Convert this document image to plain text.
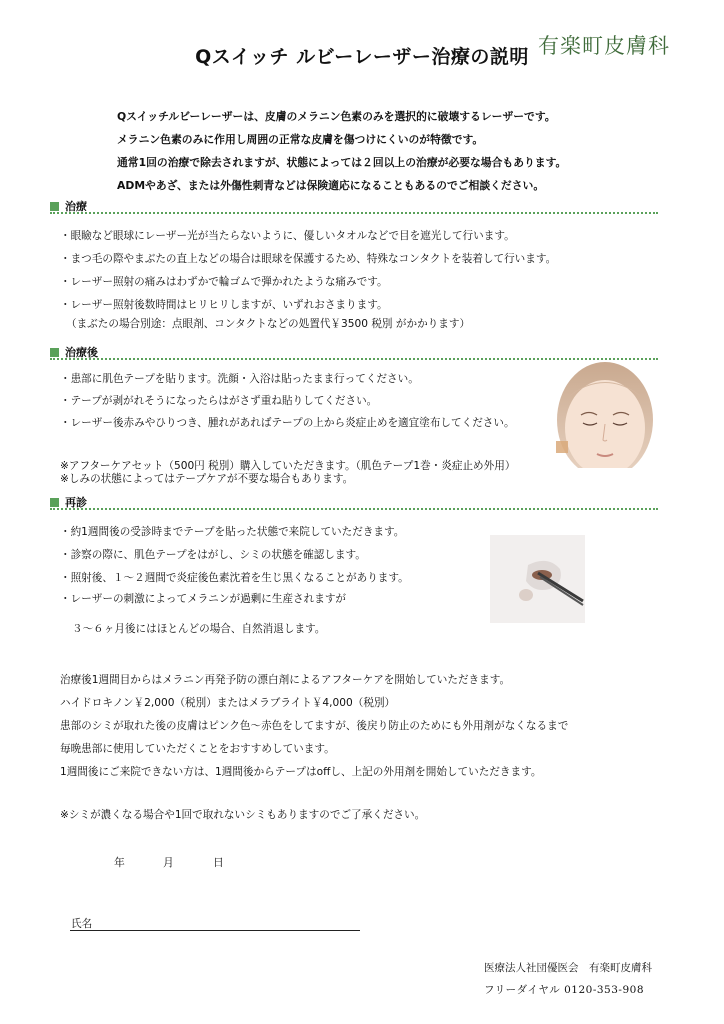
有楽町皮膚科
Qスイッチ ルビーレーザー治療の説明
Qスイッチルビーレーザーは、皮膚のメラニン色素のみを選択的に破壊するレーザーです。
メラニン色素のみに作用し周囲の正常な皮膚を傷つけにくいのが特徴です。
通常1回の治療で除去されますが、状態によっては２回以上の治療が必要な場合もあります。
ADMやあざ、または外傷性刺青などは保険適応になることもあるのでご相談ください。
治療
・眼瞼など眼球にレーザー光が当たらないように、優しいタオルなどで目を遮光して行います。
・まつ毛の際やまぶたの直上などの場合は眼球を保護するため、特殊なコンタクトを装着して行います。
・レーザー照射の痛みはわずかで輪ゴムで弾かれたような痛みです。
・レーザー照射後数時間はヒリヒリしますが、いずれおさまります。
（まぶたの場合別途：点眼剤、コンタクトなどの処置代￥3500 税別 がかかります）
治療後
・患部に肌色テープを貼ります。洗顔・入浴は貼ったまま行ってください。
・テープが剥がれそうになったらはがさず重ね貼りしてください。
・レーザー後赤みやひりつき、腫れがあればテープの上から炎症止めを適宜塗布してください。
※アフターケアセット（500円 税別）購入していただきます。（肌色テープ1巻・炎症止め外用）
※しみの状態によってはテープケアが不要な場合もあります。
再診
・約1週間後の受診時までテープを貼った状態で来院していただきます。
・診察の際に、肌色テープをはがし、シミの状態を確認します。
・照射後、１～２週間で炎症後色素沈着を生じ黒くなることがあります。
・レーザーの刺激によってメラニンが過剰に生産されますが
３～６ヶ月後にはほとんどの場合、自然消退します。
治療後1週間目からはメラニン再発予防の漂白剤によるアフターケアを開始していただきます。
ハイドロキノン￥2,000（税別）またはメラブライト￥4,000（税別）
患部のシミが取れた後の皮膚はピンク色～赤色をしてますが、後戻り防止のためにも外用剤がなくなるまで
毎晩患部に使用していただくことをおすすめしています。
1週間後にご来院できない方は、1週間後からテープはoffし、上記の外用剤を開始していただきます。
※シミが濃くなる場合や1回で取れないシミもありますのでご了承ください。
年	月	日
氏名
医療法人社団優医会　有楽町皮膚科
フリーダイヤル 0120-353-908
